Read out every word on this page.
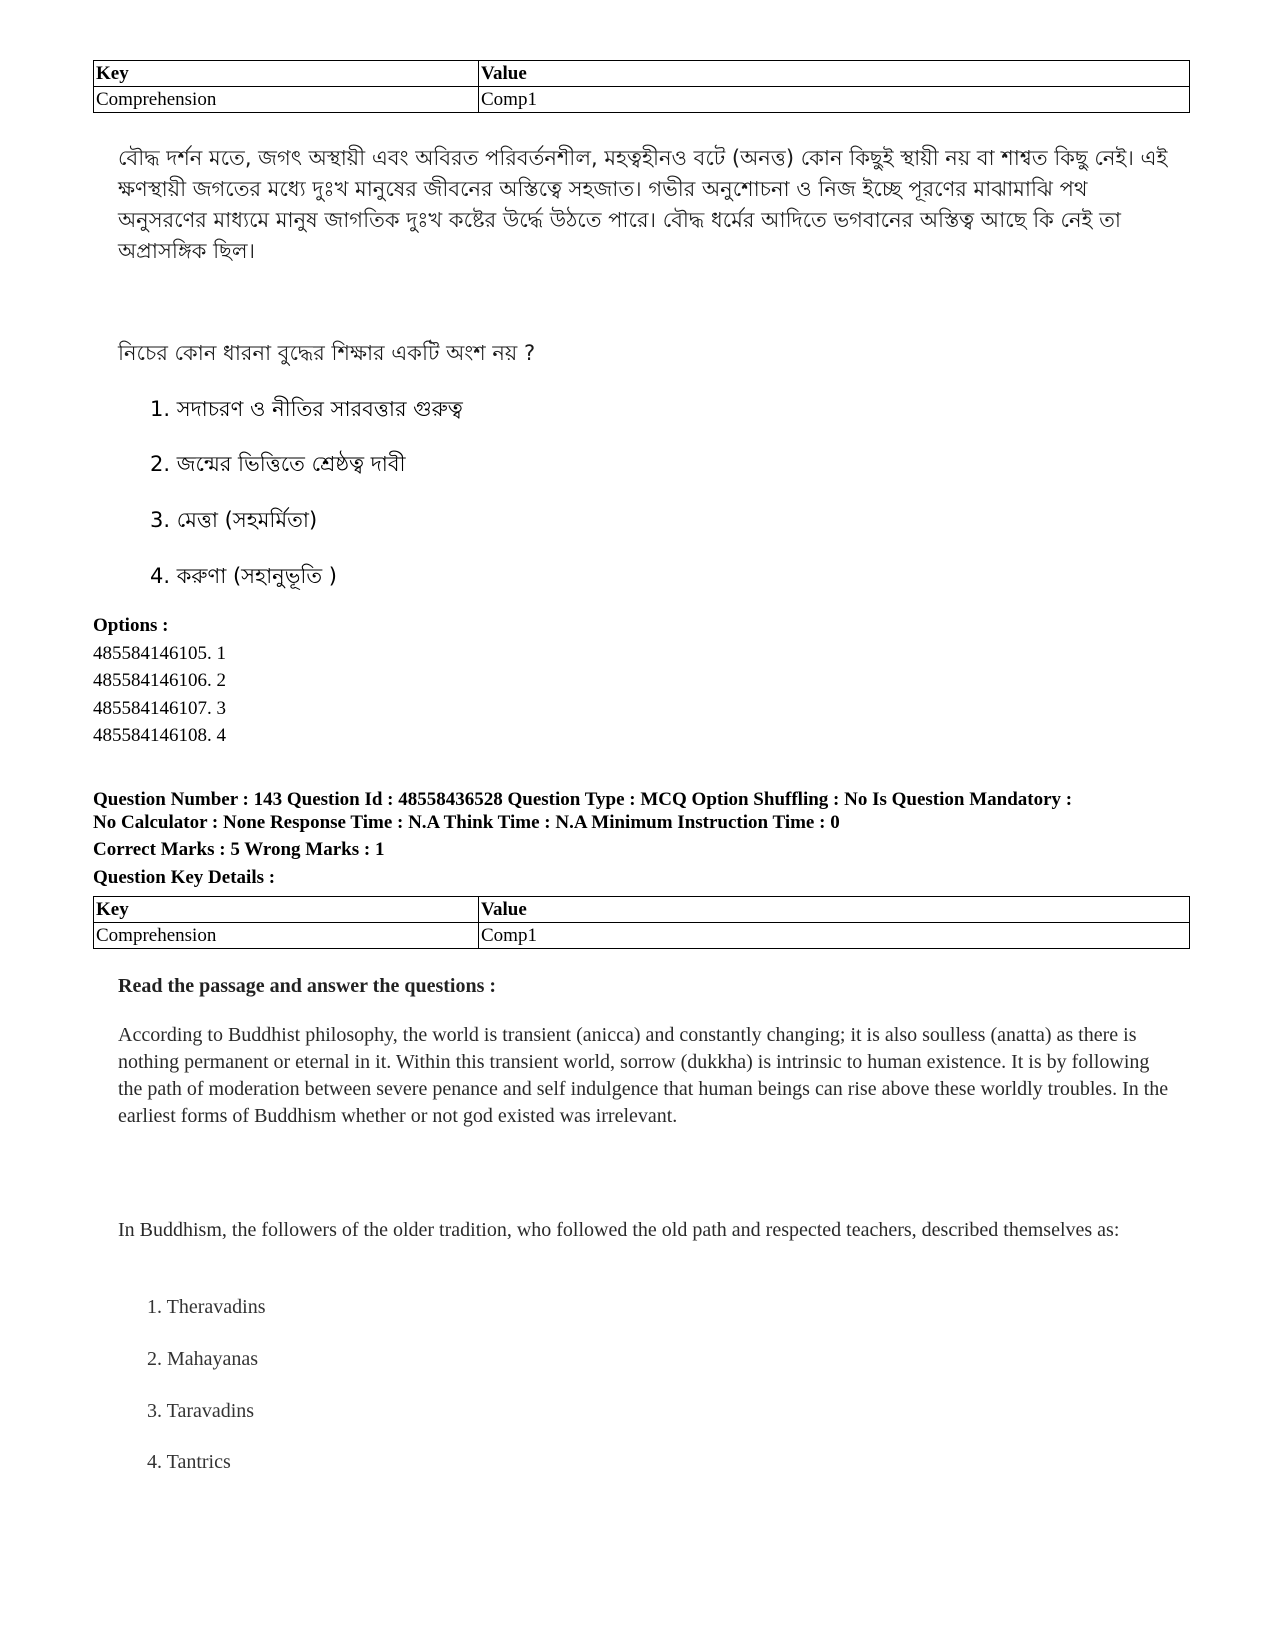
Key	Value
Comprehension	Comp1
বৌদ্ধ দর্শন মতে, জগৎ অস্থায়ী এবং অবিরত পরিবর্তনশীল, মহত্বহীনও বটে (অনত্ত) কোন কিছুই স্থায়ী নয় বা শাশ্বত কিছু নেই। এই ক্ষণস্থায়ী জগতের মধ্যে দুঃখ মানুষের জীবনের অস্তিত্বে সহজাত। গভীর অনুশোচনা ও নিজ ইচ্ছে পূরণের মাঝামাঝি পথ অনুসরণের মাধ্যমে মানুষ জাগতিক দুঃখ কষ্টের উর্দ্ধে উঠতে পারে। বৌদ্ধ ধর্মের আদিতে ভগবানের অস্তিত্ব আছে কি নেই তা অপ্রাসঙ্গিক ছিল।
নিচের কোন ধারনা বুদ্ধের শিক্ষার একটি অংশ নয় ?
1. সদাচরণ ও নীতির সারবত্তার গুরুত্ব
2. জন্মের ভিত্তিতে শ্রেষ্ঠত্ব দাবী
3. মেত্তা (সহমর্মিতা)
4. করুণা (সহানুভূতি )
Options :
485584146105. 1
485584146106. 2
485584146107. 3
485584146108. 4
Question Number : 143 Question Id : 48558436528 Question Type : MCQ Option Shuffling : No Is Question Mandatory :
No Calculator : None Response Time : N.A Think Time : N.A Minimum Instruction Time : 0
Correct Marks : 5 Wrong Marks : 1
Question Key Details :
Key	Value
Comprehension	Comp1
Read the passage and answer the questions :
According to Buddhist philosophy, the world is transient (anicca) and constantly changing; it is also soulless (anatta) as there is nothing permanent or eternal in it. Within this transient world, sorrow (dukkha) is intrinsic to human existence. It is by following the path of moderation between severe penance and self indulgence that human beings can rise above these worldly troubles. In the earliest forms of Buddhism whether or not god existed was irrelevant.
In Buddhism, the followers of the older tradition, who followed the old path and respected teachers, described themselves as:
1. Theravadins
2. Mahayanas
3. Taravadins
4. Tantrics
